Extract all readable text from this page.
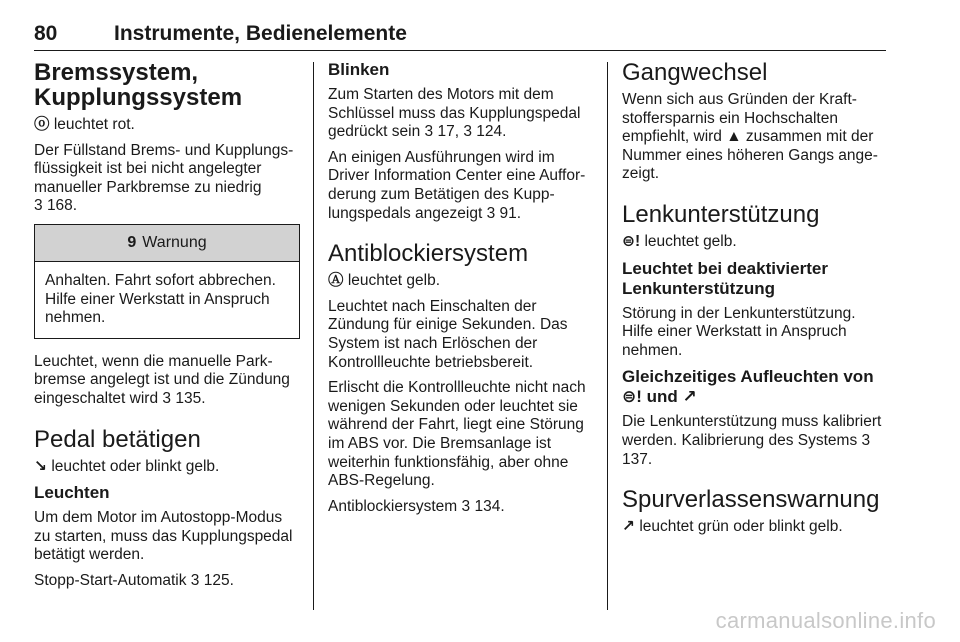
80	Instrumente, Bedienelemente
Bremssystem, Kupplungssystem

ⓞ leuchtet rot.

Der Füllstand Brems- und Kupplungsflüssigkeit ist bei nicht angelegter manueller Parkbremse zu niedrig
3 168.

9 Warnung
Anhalten. Fahrt sofort abbrechen. Hilfe einer Werkstatt in Anspruch nehmen.

Leuchtet, wenn die manuelle Parkbremse angelegt ist und die Zündung eingeschaltet wird 3 135.

Pedal betätigen

↘ leuchtet oder blinkt gelb.

Leuchten

Um dem Motor im Autostopp-Modus zu starten, muss das Kupplungspedal betätigt werden.

Stopp-Start-Automatik 3 125.

Blinken

Zum Starten des Motors mit dem Schlüssel muss das Kupplungspedal gedrückt sein 3 17, 3 124.

An einigen Ausführungen wird im Driver Information Center eine Aufforderung zum Betätigen des Kupplungspedals angezeigt 3 91.

Antiblockiersystem

Ⓐ leuchtet gelb.

Leuchtet nach Einschalten der Zündung für einige Sekunden. Das System ist nach Erlöschen der Kontrollleuchte betriebsbereit.

Erlischt die Kontrollleuchte nicht nach wenigen Sekunden oder leuchtet sie während der Fahrt, liegt eine Störung im ABS vor. Die Bremsanlage ist weiterhin funktionsfähig, aber ohne ABS-Regelung.

Antiblockiersystem 3 134.

Gangwechsel

Wenn sich aus Gründen der Kraftstoffersparnis ein Hochschalten empfiehlt, wird ▲ zusammen mit der Nummer eines höheren Gangs angezeigt.

Lenkunterstützung

⊜! leuchtet gelb.

Leuchtet bei deaktivierter Lenkunterstützung

Störung in der Lenkunterstützung. Hilfe einer Werkstatt in Anspruch nehmen.

Gleichzeitiges Aufleuchten von ⊜! und ↗

Die Lenkunterstützung muss kalibriert werden. Kalibrierung des Systems 3 137.

Spurverlassenswarnung

↗ leuchtet grün oder blinkt gelb.

carmanualsonline.info
